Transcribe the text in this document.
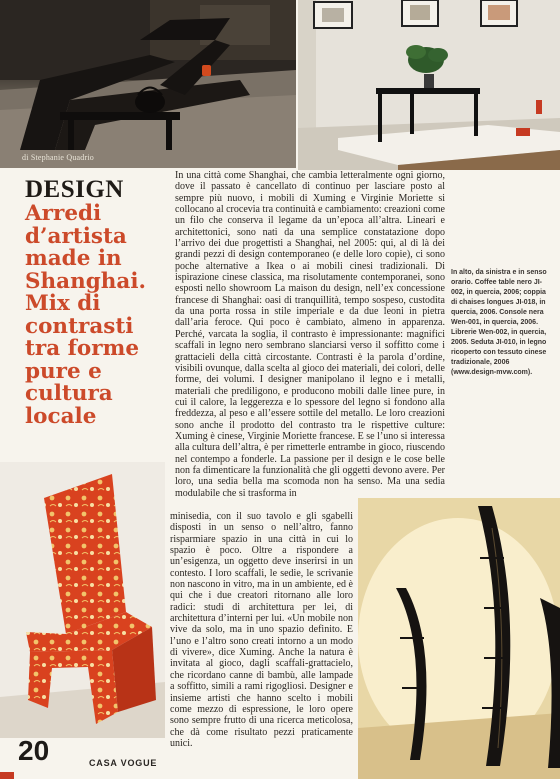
di Stephanie Quadrio
DESIGN
Arredi d’artista made in Shanghai. Mix di contrasti tra forme pure e cultura locale

In una città come Shanghai, che cambia letteralmente ogni giorno, dove il passato è cancellato di continuo per lasciare posto al sempre più nuovo, i mobili di Xuming e Virginie Moriette si collocano al crocevia tra continuità e cambiamento: creazioni come un filo che conserva il legame da un’epoca all’altra. Lineari e architettonici, sono nati da una semplice constatazione dopo l’arrivo dei due progettisti a Shanghai, nel 2005: qui, al di là dei grandi pezzi di design contemporaneo (e delle loro copie), ci sono poche alternative a Ikea o ai mobili cinesi tradizionali. Di ispirazione cinese classica, ma risolutamente contemporanei, sono esposti nello showroom La maison du design, nell’ex concessione francese di Shanghai: oasi di tranquillità, tempo sospeso, custodita da una porta rossa in stile imperiale e da due leoni in pietra dall’aria feroce. Qui poco è cambiato, almeno in apparenza. Perché, varcata la soglia, il contrasto è impressionante: magnifici scaffali in legno nero sembrano slanciarsi verso il soffitto come i grattacieli della città circostante. Contrasti è la parola d’ordine, visibili ovunque, dalla scelta al gioco dei materiali, dei colori, delle forme, dei volumi. I designer manipolano il legno e i metalli, materiali che prediligono, e producono mobili dalle linee pure, in cui il calore, la leggerezza e lo spessore del legno si fondono alla freddezza, al peso e all’essere sottile del metallo. Le loro creazioni sono anche il prodotto del contrasto tra le rispettive culture: Xuming è cinese, Virginie Moriette francese. E se l’uno si interessa alla cultura dell’altra, è per rimetterle entrambe in gioco, riuscendo nel contempo a fonderle. La passione per il design e le cose belle non fa dimenticare la funzionalità che gli oggetti devono avere. Per loro, una sedia bella ma scomoda non ha senso. Ma una sedia modulabile che si trasforma in

minisedia, con il suo tavolo e gli sgabelli disposti in un senso o nell’altro, fanno risparmiare spazio in una città in cui lo spazio è poco. Oltre a rispondere a un’esigenza, un oggetto deve inserirsi in un contesto. I loro scaffali, le sedie, le scrivanie non nascono in vitro, ma in un ambiente, ed è qui che i due creatori ritornano alle loro radici: studi di architettura per lei, di architettura d’interni per lui. «Un mobile non vive da solo, ma in uno spazio definito. E l’uno e l’altro sono creati intorno a un modo di vivere», dice Xuming. Anche la natura è invitata al gioco, dagli scaffali-grattacielo, che ricordano canne di bambù, alle lampade a soffitto, simili a rami rigogliosi. Designer e insieme artisti che hanno scelto i mobili come mezzo di espressione, le loro opere sono sempre frutto di una ricerca meticolosa, che dà come risultato pezzi praticamente unici.

In alto, da sinistra e in senso orario. Coffee table nero JI-002, in quercia, 2006; coppia di chaises longues JI-018, in quercia, 2006. Console nera Wen-001, in quercia, 2006. Librerie Wen-002, in quercia, 2005. Seduta JI-010, in legno ricoperto con tessuto cinese tradizionale, 2006 (www.design-mvw.com).

20	CASA VOGUE
